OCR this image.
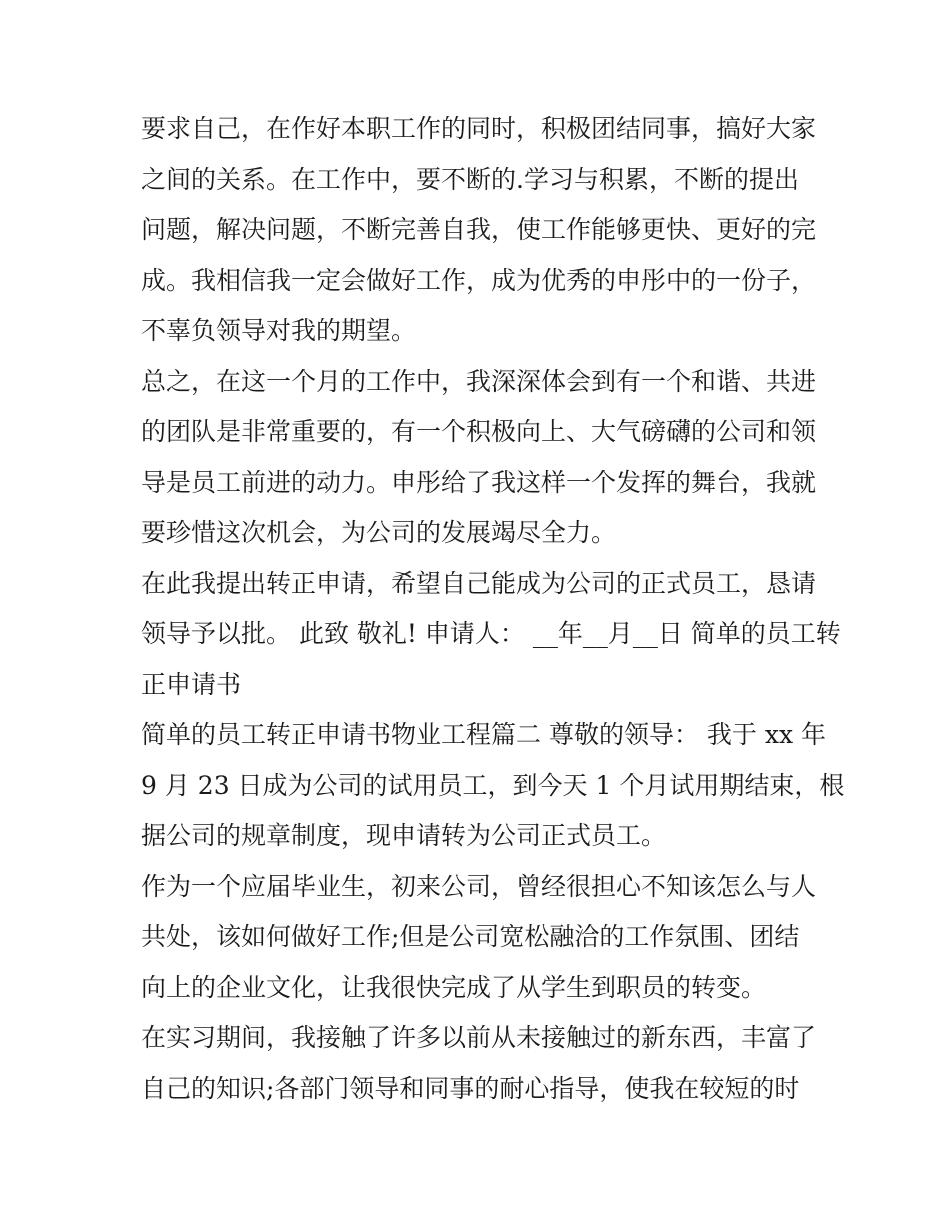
要求自己，在作好本职工作的同时，积极团结同事，搞好大家
之间的关系。在工作中，要不断的.学习与积累，不断的提出
问题，解决问题，不断完善自我，使工作能够更快、更好的完
成。我相信我一定会做好工作，成为优秀的申彤中的一份子，
不辜负领导对我的期望。
总之，在这一个月的工作中，我深深体会到有一个和谐、共进
的团队是非常重要的，有一个积极向上、大气磅礴的公司和领
导是员工前进的动力。申彤给了我这样一个发挥的舞台，我就
要珍惜这次机会，为公司的发展竭尽全力。
在此我提出转正申请，希望自己能成为公司的正式员工，恳请
领导予以批。 此致 敬礼! 申请人： __年__月__日 简单的员工转
正申请书
简单的员工转正申请书物业工程篇二 尊敬的领导： 我于 xx 年
9 月 23 日成为公司的试用员工，到今天 1 个月试用期结束，根
据公司的规章制度，现申请转为公司正式员工。
作为一个应届毕业生，初来公司，曾经很担心不知该怎么与人
共处，该如何做好工作;但是公司宽松融洽的工作氛围、团结
向上的企业文化，让我很快完成了从学生到职员的转变。
在实习期间，我接触了许多以前从未接触过的新东西，丰富了
自己的知识;各部门领导和同事的耐心指导，使我在较短的时
